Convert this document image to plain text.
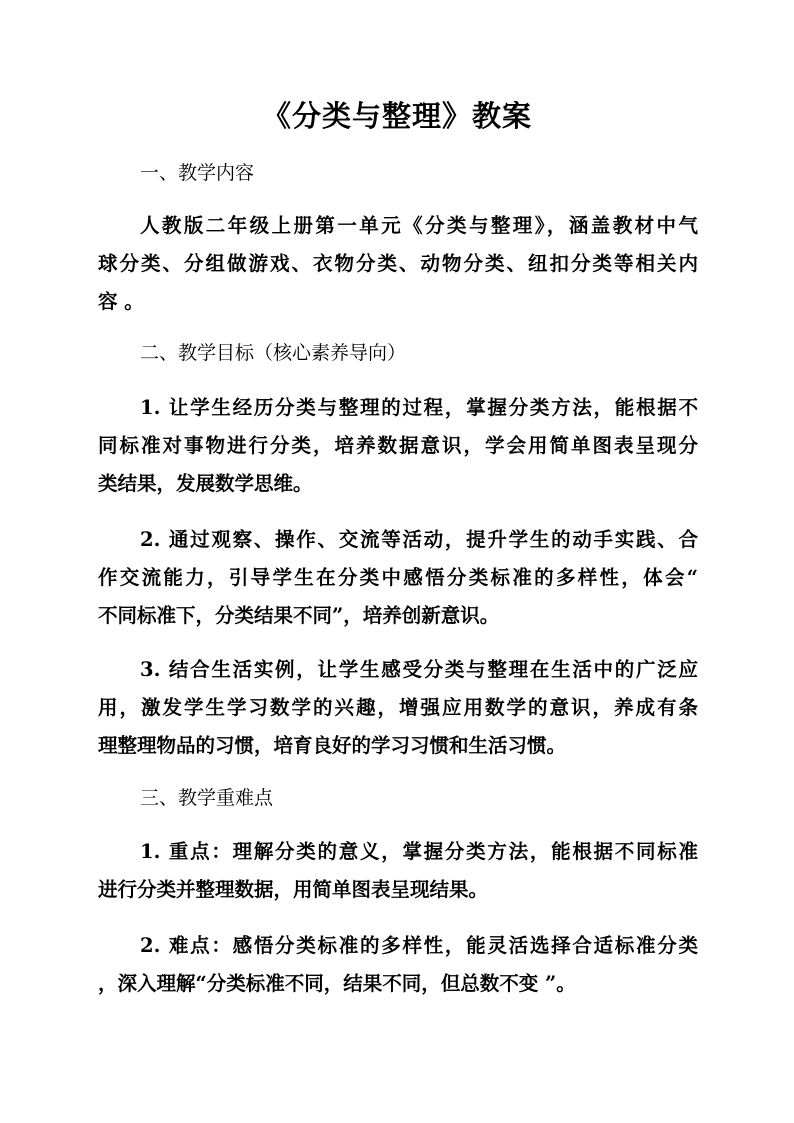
《分类与整理》教案
一、教学内容
人教版二年级上册第一单元《分类与整理》，涵盖教材中气
球分类、分组做游戏、衣物分类、动物分类、纽扣分类等相关内
容 。
二、教学目标（核心素养导向）
1. 让学生经历分类与整理的过程，掌握分类方法，能根据不
同标准对事物进行分类，培养数据意识，学会用简单图表呈现分
类结果，发展数学思维。
2. 通过观察、操作、交流等活动，提升学生的动手实践、合
作交流能力，引导学生在分类中感悟分类标准的多样性，体会“
不同标准下，分类结果不同”，培养创新意识。
3. 结合生活实例，让学生感受分类与整理在生活中的广泛应
用，激发学生学习数学的兴趣，增强应用数学的意识，养成有条
理整理物品的习惯，培育良好的学习习惯和生活习惯。
三、教学重难点
1. 重点：理解分类的意义，掌握分类方法，能根据不同标准
进行分类并整理数据，用简单图表呈现结果。
2. 难点：感悟分类标准的多样性，能灵活选择合适标准分类
，深入理解“分类标准不同，结果不同，但总数不变 ”。
